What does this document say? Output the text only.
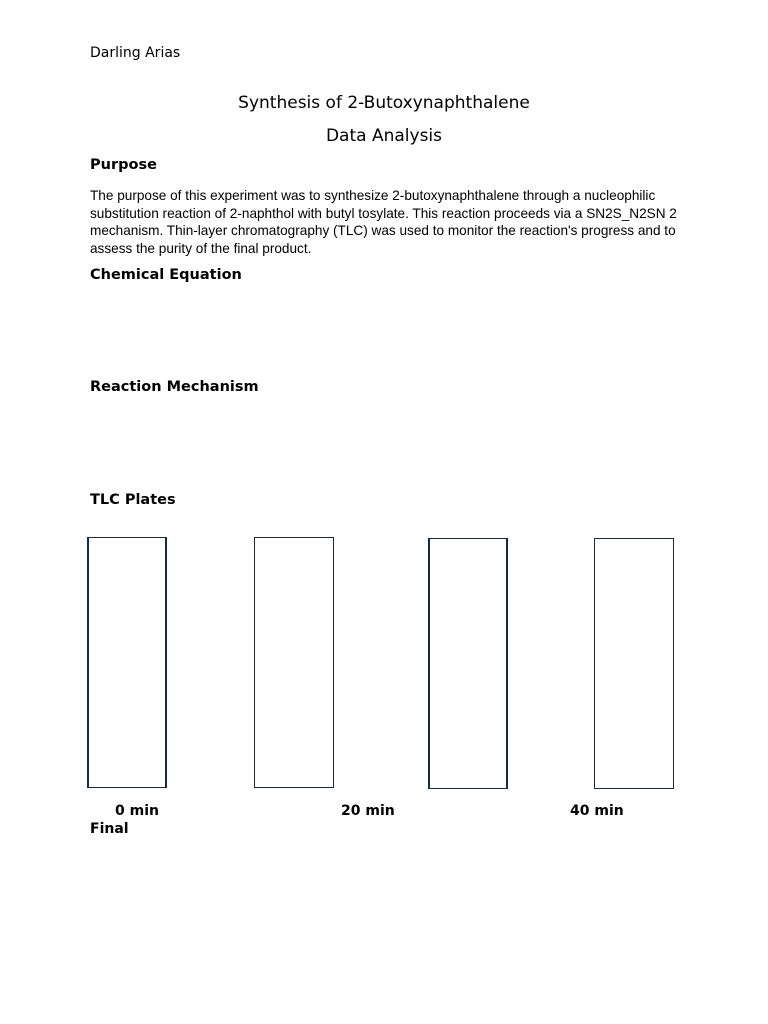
Darling Arias
Synthesis of 2-Butoxynaphthalene
Data Analysis
Purpose
The purpose of this experiment was to synthesize 2-butoxynaphthalene through a nucleophilic substitution reaction of 2-naphthol with butyl tosylate. This reaction proceeds via a SN2S_N2SN 2 mechanism. Thin-layer chromatography (TLC) was used to monitor the reaction's progress and to assess the purity of the final product.
Chemical Equation
Reaction Mechanism
TLC Plates
0 min	20 min	40 min
Final
